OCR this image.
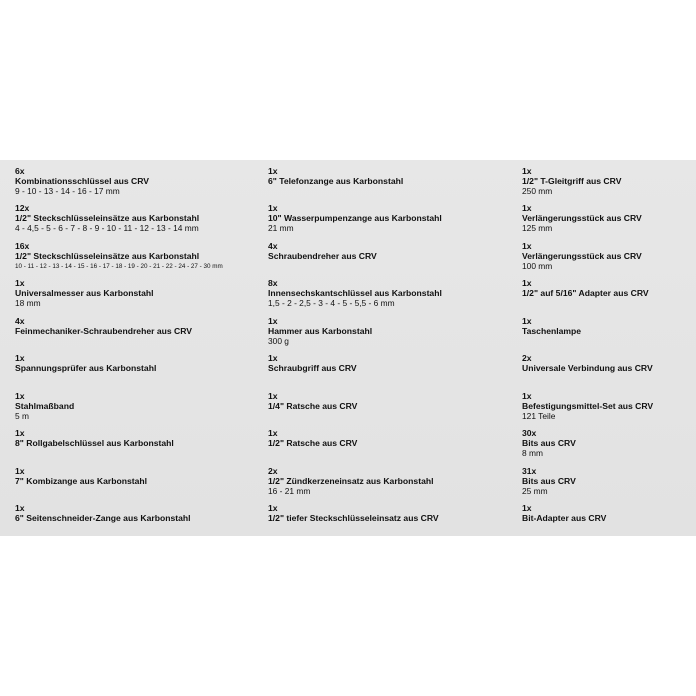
6x
Kombinationsschlüssel aus CRV
9 - 10 - 13 - 14 - 16 - 17 mm
12x
1/2" Steckschlüsseleinsätze aus Karbonstahl
4 - 4,5 - 5 - 6 - 7 - 8 - 9 - 10 - 11 - 12 - 13 - 14 mm
16x
1/2" Steckschlüsseleinsätze aus Karbonstahl
10 - 11 - 12 - 13 - 14 - 15 - 16 - 17 - 18 - 19 - 20 - 21 - 22 - 24 - 27 - 30 mm
1x
Universalmesser aus Karbonstahl
18 mm
4x
Feinmechaniker-Schraubendreher aus CRV
1x
Spannungsprüfer aus Karbonstahl
1x
Stahlmaßband
5 m
1x
8" Rollgabelschlüssel aus Karbonstahl
1x
7" Kombizange aus Karbonstahl
1x
6" Seitenschneider-Zange aus Karbonstahl
1x
6" Telefonzange aus Karbonstahl
1x
10" Wasserpumpenzange aus Karbonstahl
21 mm
4x
Schraubendreher aus CRV
8x
Innensechskantschlüssel aus Karbonstahl
1,5 - 2 - 2,5 - 3 - 4 - 5 - 5,5 - 6 mm
1x
Hammer aus Karbonstahl
300 g
1x
Schraubgriff aus CRV
1x
1/4" Ratsche aus CRV
1x
1/2" Ratsche aus CRV
2x
1/2" Zündkerzeneinsatz aus Karbonstahl
16 - 21 mm
1x
1/2" tiefer Steckschlüsseleinsatz aus CRV
1x
1/2" T-Gleitgriff aus CRV
250 mm
1x
Verlängerungsstück aus CRV
125 mm
1x
Verlängerungsstück aus CRV
100 mm
1x
1/2" auf 5/16" Adapter aus CRV
1x
Taschenlampe
2x
Universale Verbindung aus CRV
1x
Befestigungsmittel-Set aus CRV
121 Teile
30x
Bits aus CRV
8 mm
31x
Bits aus CRV
25 mm
1x
Bit-Adapter aus CRV
